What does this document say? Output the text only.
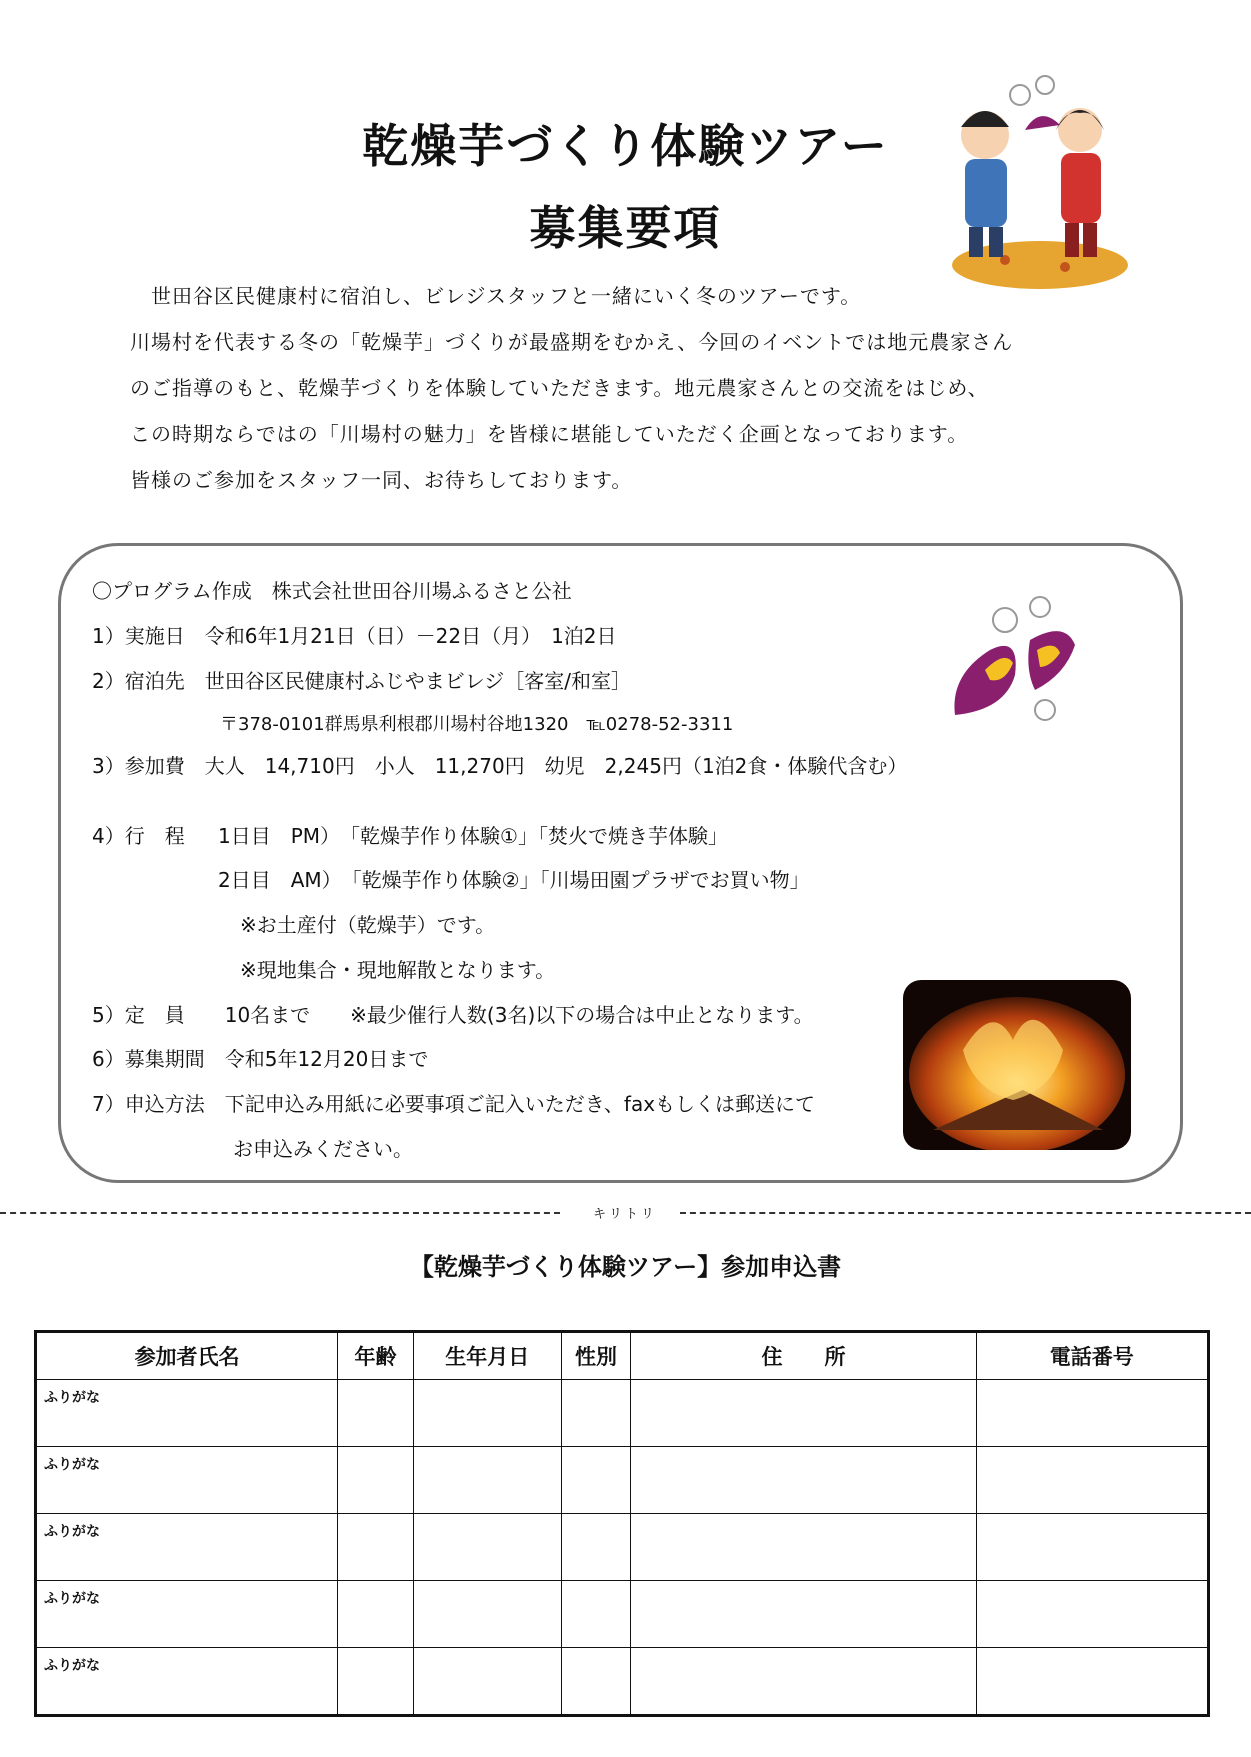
乾燥芋づくり体験ツアー
募集要項
　世田谷区民健康村に宿泊し、ビレジスタッフと一緒にいく冬のツアーです。
川場村を代表する冬の「乾燥芋」づくりが最盛期をむかえ、今回のイベントでは地元農家さん
のご指導のもと、乾燥芋づくりを体験していただきます。地元農家さんとの交流をはじめ、
この時期ならではの「川場村の魅力」を皆様に堪能していただく企画となっております。
皆様のご参加をスタッフ一同、お待ちしております。
〇プログラム作成　株式会社世田谷川場ふるさと公社
1）実施日　令和6年1月21日（日）－22日（月）　1泊2日
2）宿泊先　世田谷区民健康村ふじやまビレジ［客室/和室］
〒378-0101群馬県利根郡川場村谷地1320　℡0278-52-3311
3）参加費　大人　14,710円　小人　11,270円　幼児　2,245円（1泊2食・体験代含む）
4）行　程 1日目　PM）　「乾燥芋作り体験①」「焚火で焼き芋体験」
2日目　AM）　「乾燥芋作り体験②」「川場田園プラザでお買い物」
※お土産付（乾燥芋）です。
※現地集合・現地解散となります。
5）定　員　　10名まで　　※最少催行人数(3名)以下の場合は中止となります。
6）募集期間　令和5年12月20日まで
7）申込方法　下記申込み用紙に必要事項ご記入いただき、faxもしくは郵送にて
お申込みください。
キリトリ
【乾燥芋づくり体験ツアー】参加申込書
参加者氏名	年齢	生年月日	性別	住　　所	電話番号

ふりがな					

ふりがな					

ふりがな					

ふりがな					

ふりがな					
